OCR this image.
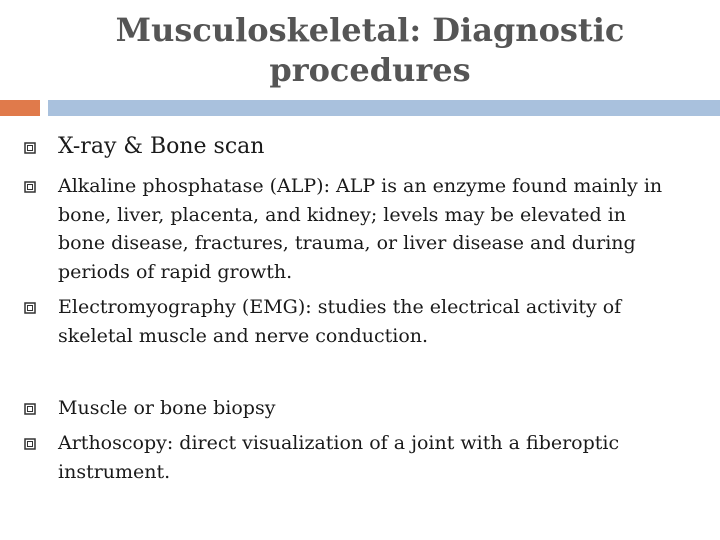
Musculoskeletal: Diagnostic
procedures
X-ray & Bone scan
Alkaline phosphatase (ALP): ALP is an enzyme found mainly in bone, liver, placenta, and kidney; levels may be elevated in bone disease, fractures, trauma, or liver disease and during periods of rapid growth.
Electromyography (EMG): studies the electrical activity of skeletal muscle and nerve conduction.
Muscle or bone biopsy
Arthoscopy: direct visualization of a joint with a fiberoptic instrument.
